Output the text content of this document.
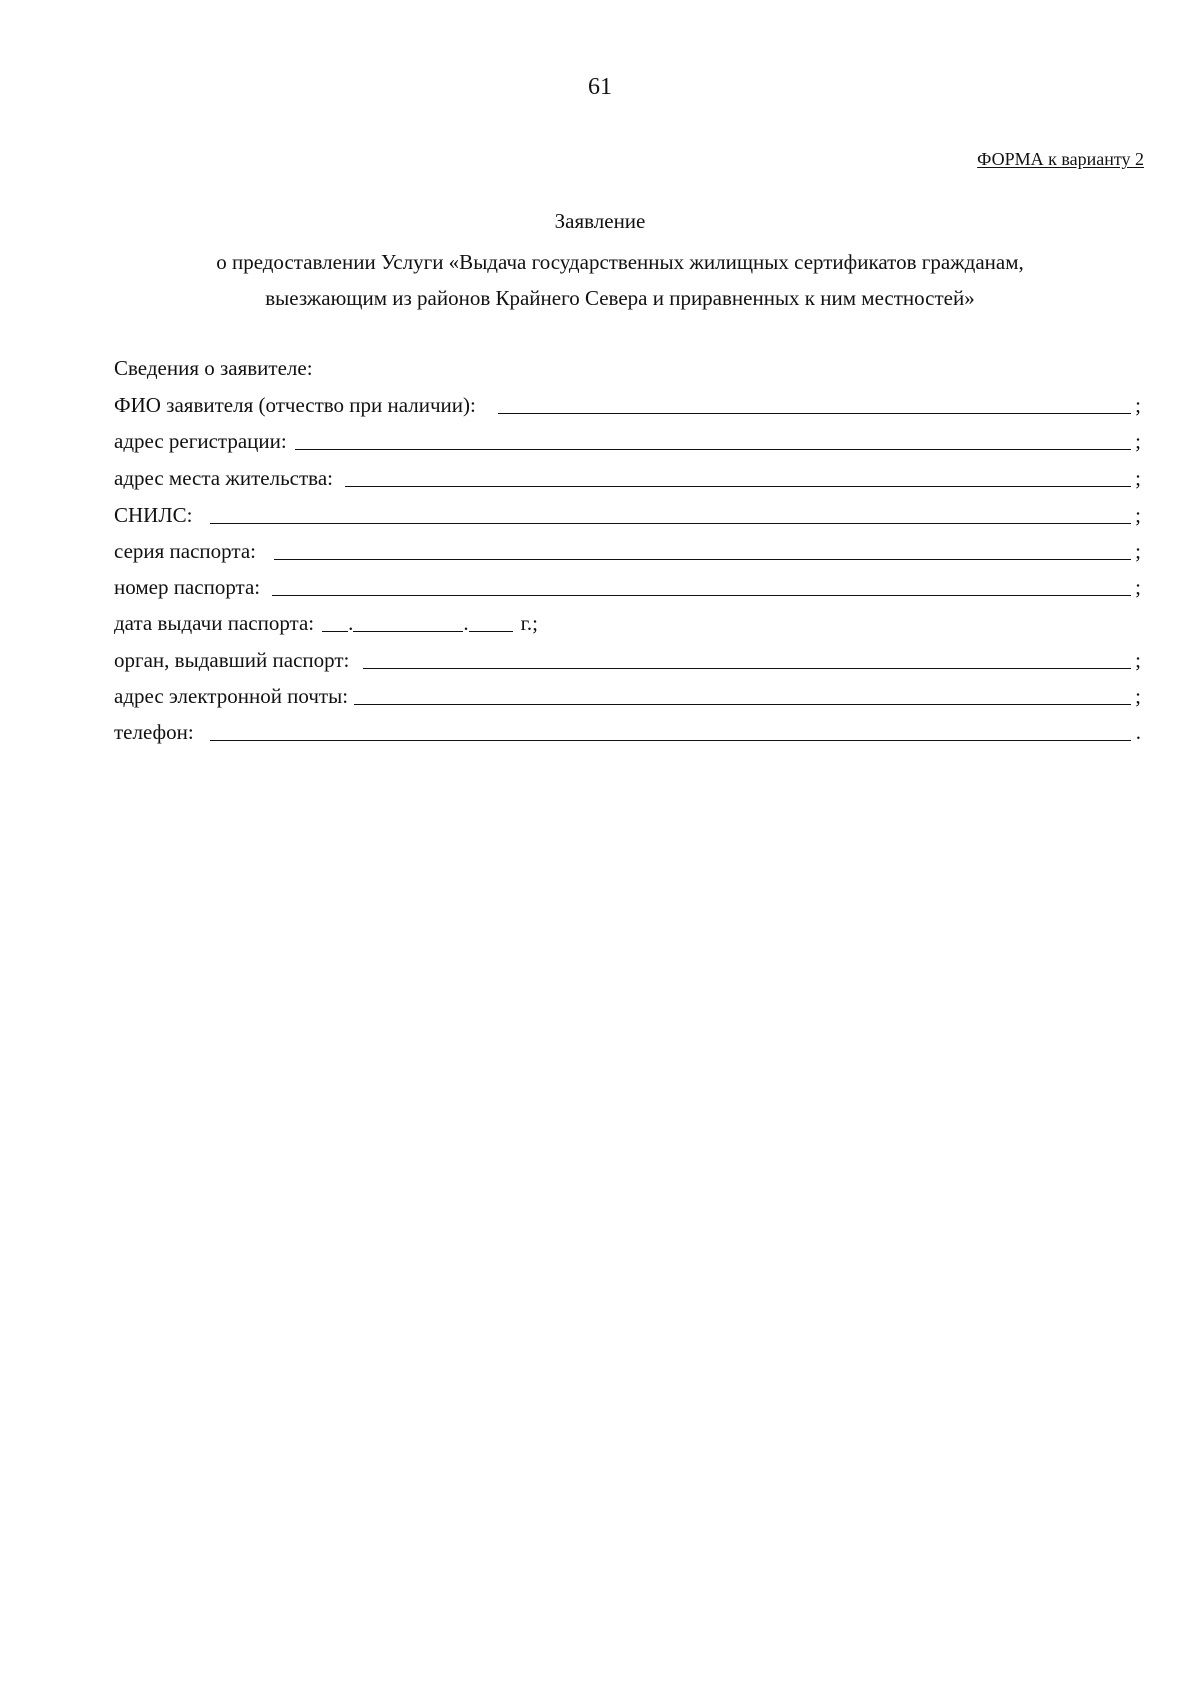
61
ФОРМА к варианту 2
Заявление
о предоставлении Услуги «Выдача государственных жилищных сертификатов гражданам,
выезжающим из районов Крайнего Севера и приравненных к ним местностей»
Сведения о заявителе:
ФИО заявителя (отчество при наличии):	;
адрес регистрации:	;
адрес места жительства:	;
СНИЛС:	;
серия паспорта:	;
номер паспорта:	;
дата выдачи паспорта: .	. г.;
орган, выдавший паспорт:	;
адрес электронной почты:	;
телефон:	.
